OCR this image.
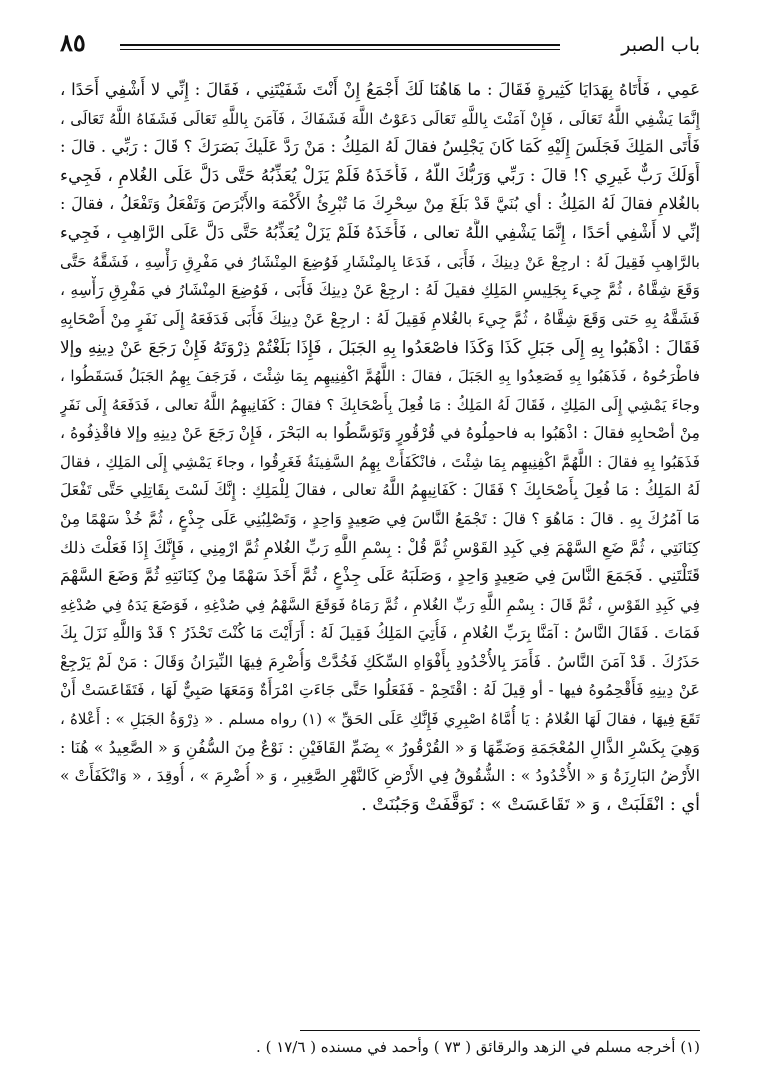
باب الصبر
٨٥
عَمِي ، فَأَتَاهُ بِهَدَايَا كَثِيرةٍ فَقَالَ : ما هَاهُنَا لَكَ أَجْمَعُ إِنْ أَنْتَ شَفَيْتَنِي ، فَقَالَ : إِنِّي لا أَشْفِي أَحَدًا ،
إِنَّمَا يَشْفِي اللَّهُ تَعَالَى ، فَإِنْ آمَنْتَ بِاللَّهِ تَعَالَى دَعَوْتُ اللَّهَ فَشَفَاكَ ، فَآمَنَ بِاللَّهِ تَعَالَى فَشَفَاهُ اللَّهُ تَعَالَى ،
فَأَتَى المَلِكَ فَجَلَسَ إِلَيْهِ كَمَا كَانَ يَجْلِسُ فقالَ لَهُ المَلِكُ : مَنْ رَدَّ عَلَيكَ بَصَرَكَ ؟ قَالَ : رَبِّي . قالَ :
أَوَلَكَ رَبٌّ غَيرِي ؟! قالَ : رَبِّي وَرَبُّكَ اللَّهُ ، فَأَخَذَهُ فَلَمْ يَزَلْ يُعَذِّبُهُ حَتَّى دَلَّ عَلَى الغُلامِ ، فَجِيء
بالغُلامِ فقالَ لَهُ المَلِكُ : أي بُنَيَّ قَدْ بَلَغَ مِنْ سِحْرِكَ مَا تُبْرِئُ الأَكْمَهَ والأَبْرَصَ وَتَفْعَلُ وَتَفْعَلُ ، فقالَ :
إنِّي لا أَشْفِي أحَدًا ، إِنَّمَا يَشْفِي اللَّهُ تعالى ، فَأَخَذَهُ فَلَمْ يَزَلْ يُعَذِّبُهُ حَتَّى دَلَّ عَلَى الرَّاهِبِ ، فَجِيء
بالرَّاهِبِ فَقِيلَ لَهُ : ارجِعْ عَنْ دِينِكَ ، فَأَبَى ، فَدَعَا بِالمِنْشَارِ فَوُضِعَ المِنْشَارُ في مَفْرِقِ رَأْسِهِ ، فَشَقَّهُ حَتَّى
وَقَعَ شِقَّاهُ ، ثُمَّ جِيءَ بِجَلِيسِ المَلِكِ فقيلَ لَهُ : ارجِعْ عَنْ دِينِكَ فَأَبَى ، فَوُضِعَ المِنْشَارُ في مَفْرِقِ رَأْسِهِ ،
فَشَقَّهُ بِهِ حَتى وَقَعَ شِقَّاهُ ، ثُمَّ جِيءَ بالغُلامِ فَقِيلَ لَهُ : ارجِعْ عَنْ دِينِكَ فَأَبَى فَدَفَعَهُ إِلَى نَفَرٍ مِنْ أَصْحَابِهِ
فَقَالَ : اذْهَبُوا بِهِ إِلَى جَبَلِ كَذَا وَكَذَا فاصْعَدُوا بِهِ الجَبَلَ ، فَإِذَا بَلَغْتُمْ ذِرْوَتَهُ فَإِنْ رَجَعَ عَنْ دِينِهِ وإلا
فاطْرَحُوهُ ، فَذَهَبُوا بِهِ فَصَعِدُوا بِهِ الجَبَلَ ، فقالَ : اللَّهُمَّ اكْفِنِيهِم بِمَا شِئْتَ ، فَرَجَفَ بِهِمُ الجَبَلُ فَسَقَطُوا ،
وجاءَ يَمْشِي إِلَى المَلِكِ ، فَقَالَ لَهُ المَلِكُ : مَا فُعِلَ بِأَصْحَابِكَ ؟ فقالَ : كَفَانِيهِمُ اللَّهُ تعالى ، فَدَفَعَهُ إِلَى نَفَرٍ
مِنْ أصْحابِهِ فقالَ : اذْهَبُوا به فاحمِلُوهُ في قُرْقُورٍ وَتَوَسَّطُوا به البَحْرَ ، فَإِنْ رَجَعَ عَنْ دِينِهِ وإلا فاقْذِفُوهُ ،
فَذَهَبُوا بِهِ فقالَ : اللَّهُمَّ اكْفِنِيهِم بِمَا شِئْتَ ، فانْكَفَأَتْ بِهِمُ السَّفِينَةُ فَغَرِقُوا ، وجاءَ يَمْشِي إِلَى المَلِكِ ، فقالَ
لَهُ المَلِكُ : مَا فُعِلَ بِأَصْحَابِكَ ؟ فَقَالَ : كَفَانِيهِمُ اللَّهُ تعالى ، فقالَ لِلْمَلِكِ : إِنَّكَ لَسْتَ بِقَاتِلِي حَتَّى تَفْعَلَ
مَا آمُرُكَ بِهِ . قالَ : مَاهُوَ ؟ قالَ : تَجْمَعُ النَّاسَ فِي صَعِيدٍ وَاحِدٍ ، وَتَصْلِبُنِي عَلَى جِذْعٍ ، ثُمَّ خُذْ سَهْمًا مِنْ
كِنَانَتِي ، ثُمَّ ضَعِ السَّهْمَ فِي كَبِدِ القَوْسِ ثُمَّ قُلْ : بِسْمِ اللَّهِ رَبِّ الغُلامِ ثُمَّ ارْمِنِي ، فَإِنَّكَ إِذَا فَعَلْتَ ذلك
قَتَلْتَنِي . فَجَمَعَ النَّاسَ فِي صَعِيدٍ وَاحِدٍ ، وَصَلَبَهُ عَلَى جِذْعٍ ، ثُمَّ أَخَذَ سَهْمًا مِنْ كِنَانَتِهِ ثُمَّ وَضَعَ السَّهْمَ
فِي كَبِدِ القَوْسِ ، ثُمَّ قَالَ : بِسْمِ اللَّهِ رَبِّ الغُلامِ ، ثُمَّ رَمَاهُ فَوَقَعَ السَّهْمُ فِي صُدْغِهِ ، فَوَضَعَ يَدَهُ فِي صُدْغِهِ
فَمَاتَ . فَقَالَ النَّاسُ : آمَنَّا بِرَبِّ الغُلامِ ، فَأُتِيَ المَلِكُ فَقِيلَ لَهُ : أَرَأَيْتَ مَا كُنْتَ تَحْذَرُ ؟ قَدْ وَاللَّهِ نَزَلَ بِكَ
حَذَرُكَ . قَدْ آمَنَ النَّاسُ . فَأَمَرَ بِالأُخْدُودِ بِأَفْوَاهِ السِّكَكِ فَخُدَّتْ وَأُضْرِمَ فِيهَا النِّيرَانُ وَقَالَ : مَنْ لَمْ يَرْجِعْ
عَنْ دِينِهِ فَأَقْحِمُوهُ فيها - أو قِيلَ لَهُ : اقْتَحِمْ - فَفَعَلُوا حَتَّى جَاءَتِ امْرَأَةٌ وَمَعَهَا صَبِيٌّ لَهَا ، فَتَقَاعَسَتْ أَنْ
تَقَعَ فِيهَا ، فقالَ لَهَا الغُلامُ : يَا أُمَّاهُ اصْبِرِي فَإِنَّكِ عَلَى الحَقِّ » (١) رواه مسلم . « ذِرْوَةُ الجَبَلِ » : أَعْلاهُ ،
وَهِيَ بِكَسْرِ الذَّالِ المُعْجَمَةِ وَضَمِّهَا وَ « القُرْقُورُ » بِضَمِّ القَافَيْنِ : نَوْعٌ مِنَ السُّفُنِ وَ « الصَّعِيدُ » هُنَا :
الأَرْضُ البَارِزَةُ وَ « الأُخْدُودُ » : الشُّقُوقُ فِي الأَرْضِ كَالنَّهْرِ الصَّغِيرِ ، وَ « أُضْرِمَ » ، أُوقِدَ ، « وَانْكَفَأَتْ »
أي : انْقَلَبَتْ ، وَ « تَقَاعَسَتْ » : تَوَقَّفَتْ وَجَبُنَتْ .
(١) أخرجه مسلم في الزهد والرقائق ( ٧٣ ) وأحمد في مسنده ( ١٧/٦ ) .
